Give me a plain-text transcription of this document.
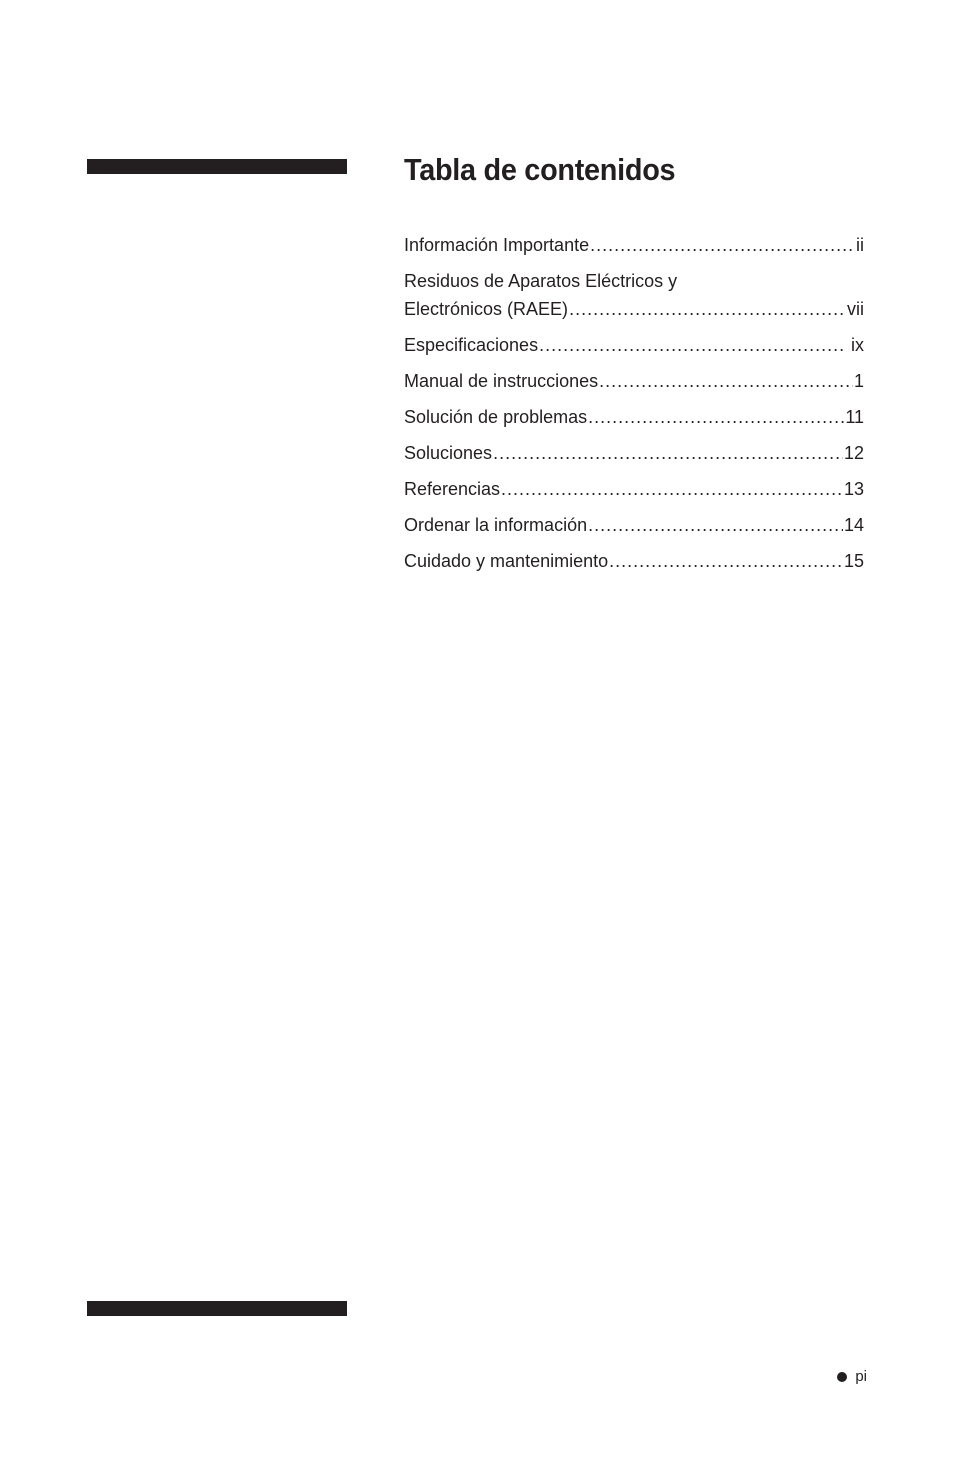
Tabla de contenidos
Información Importante .....	ii
Residuos de Aparatos Eléctricos y
Electrónicos (RAEE) .....	vii
Especificaciones .....	ix
Manual de instrucciones .....	1
Solución de problemas .....	11
Soluciones .....	12
Referencias .....	13
Ordenar la información .....	14
Cuidado y mantenimiento .....	15
pi
